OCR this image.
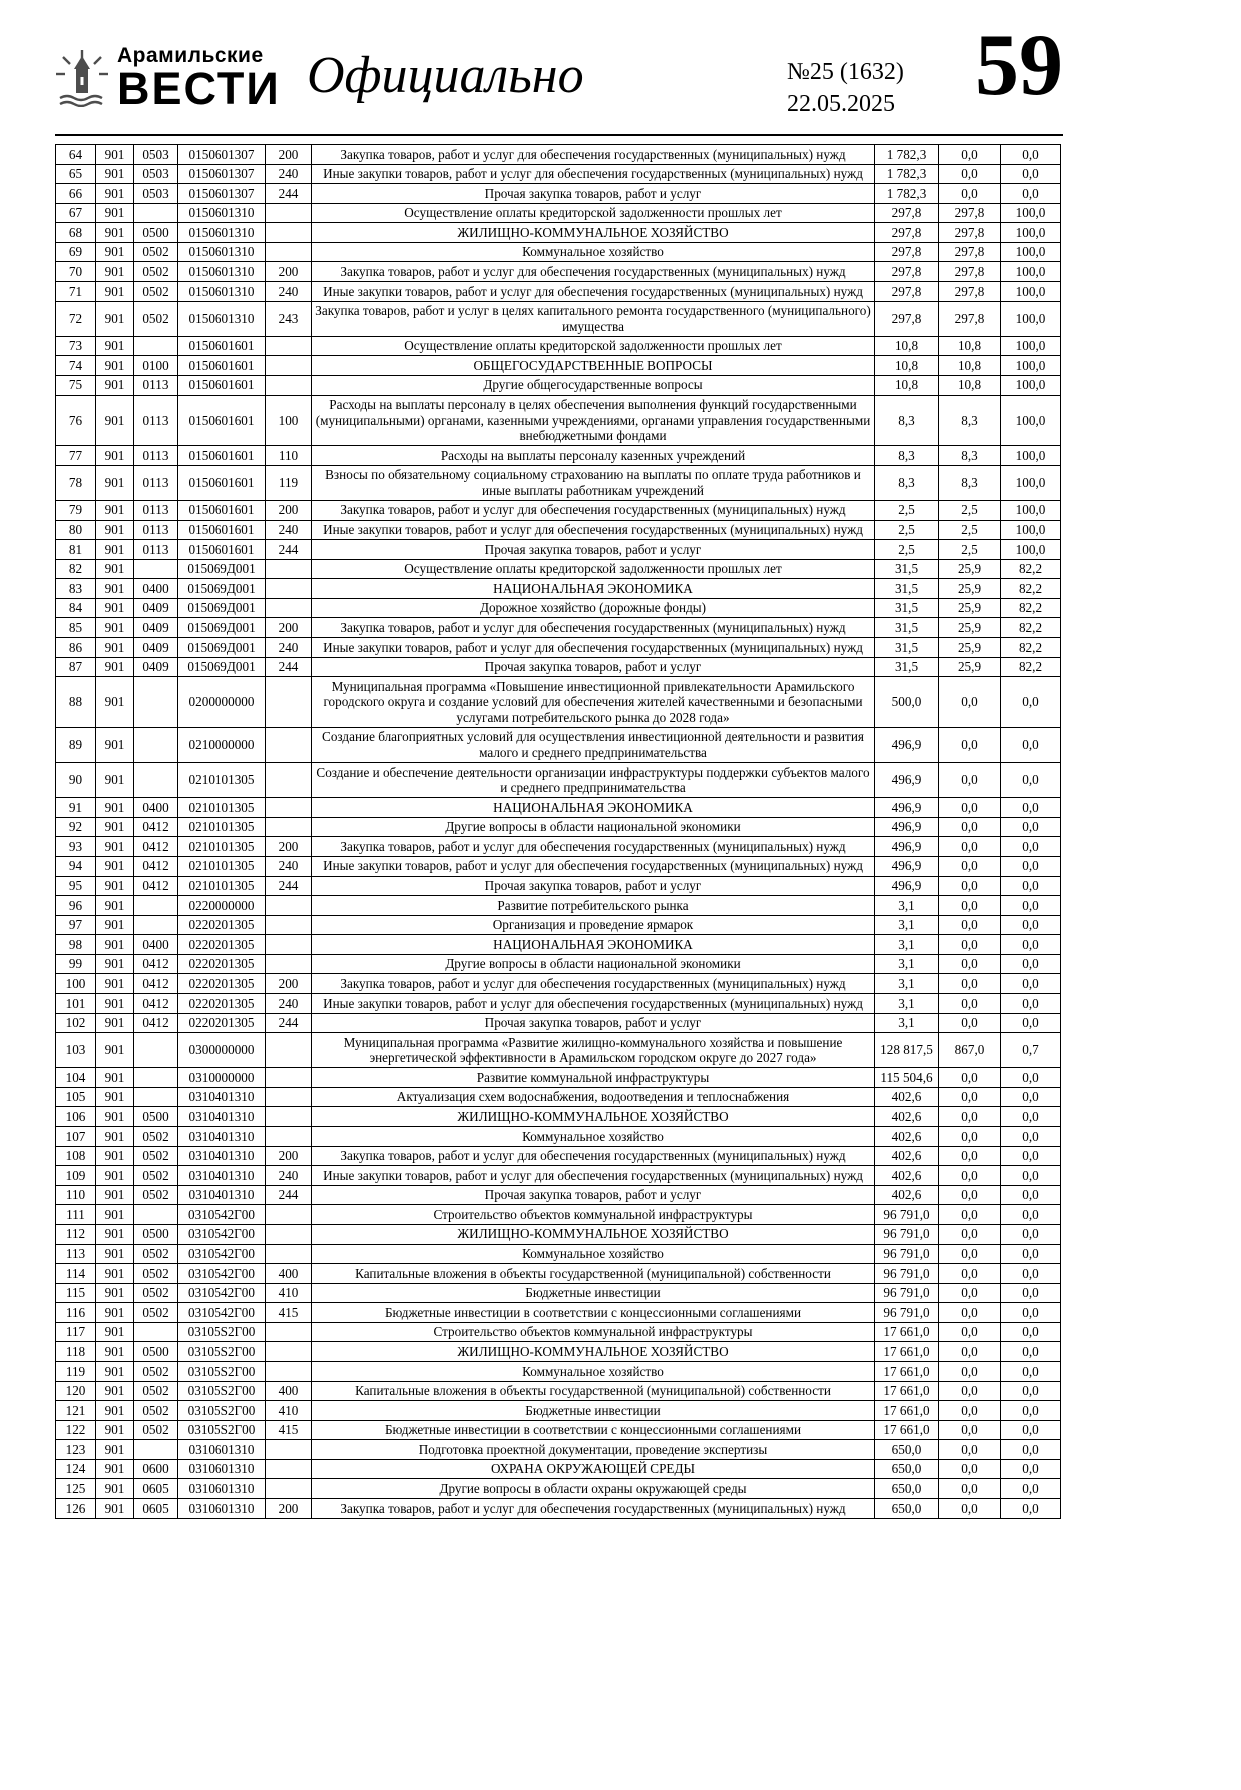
Арамильские
ВЕСТИ Официально	№25 (1632)
22.05.2025 59
64	901	0503	0150601307	200	Закупка товаров, работ и услуг для обеспечения государственных (муниципальных) нужд	1 782,3	0,0	0,0
65	901	0503	0150601307	240	Иные закупки товаров, работ и услуг для обеспечения государственных (муниципальных) нужд	1 782,3	0,0	0,0
66	901	0503	0150601307	244	Прочая закупка товаров, работ и услуг	1 782,3	0,0	0,0
67	901		0150601310		Осуществление оплаты кредиторской задолженности прошлых лет	297,8	297,8	100,0
68	901	0500	0150601310		ЖИЛИЩНО-КОММУНАЛЬНОЕ ХОЗЯЙСТВО	297,8	297,8	100,0
69	901	0502	0150601310		Коммунальное хозяйство	297,8	297,8	100,0
70	901	0502	0150601310	200	Закупка товаров, работ и услуг для обеспечения государственных (муниципальных) нужд	297,8	297,8	100,0
71	901	0502	0150601310	240	Иные закупки товаров, работ и услуг для обеспечения государственных (муниципальных) нужд	297,8	297,8	100,0
72	901	0502	0150601310	243	Закупка товаров, работ и услуг в целях капитального ремонта государственного (муниципального) имущества	297,8	297,8	100,0
73	901		0150601601		Осуществление оплаты кредиторской задолженности прошлых лет	10,8	10,8	100,0
74	901	0100	0150601601		ОБЩЕГОСУДАРСТВЕННЫЕ ВОПРОСЫ	10,8	10,8	100,0
75	901	0113	0150601601		Другие общегосударственные вопросы	10,8	10,8	100,0
76	901	0113	0150601601	100	Расходы на выплаты персоналу в целях обеспечения выполнения функций государственными (муниципальными) органами, казенными учреждениями, органами управления государственными внебюджетными фондами	8,3	8,3	100,0
77	901	0113	0150601601	110	Расходы на выплаты персоналу казенных учреждений	8,3	8,3	100,0
78	901	0113	0150601601	119	Взносы по обязательному социальному страхованию на выплаты по оплате труда работников и иные выплаты работникам учреждений	8,3	8,3	100,0
79	901	0113	0150601601	200	Закупка товаров, работ и услуг для обеспечения государственных (муниципальных) нужд	2,5	2,5	100,0
80	901	0113	0150601601	240	Иные закупки товаров, работ и услуг для обеспечения государственных (муниципальных) нужд	2,5	2,5	100,0
81	901	0113	0150601601	244	Прочая закупка товаров, работ и услуг	2,5	2,5	100,0
82	901		015069Д001		Осуществление оплаты кредиторской задолженности прошлых лет	31,5	25,9	82,2
83	901	0400	015069Д001		НАЦИОНАЛЬНАЯ ЭКОНОМИКА	31,5	25,9	82,2
84	901	0409	015069Д001		Дорожное хозяйство (дорожные фонды)	31,5	25,9	82,2
85	901	0409	015069Д001	200	Закупка товаров, работ и услуг для обеспечения государственных (муниципальных) нужд	31,5	25,9	82,2
86	901	0409	015069Д001	240	Иные закупки товаров, работ и услуг для обеспечения государственных (муниципальных) нужд	31,5	25,9	82,2
87	901	0409	015069Д001	244	Прочая закупка товаров, работ и услуг	31,5	25,9	82,2
88	901		0200000000		Муниципальная программа «Повышение инвестиционной привлекательности Арамильского городского округа и создание условий для обеспечения жителей качественными и безопасными услугами потребительского рынка до 2028 года»	500,0	0,0	0,0
89	901		0210000000		Создание благоприятных условий для осуществления инвестиционной деятельности и развития малого и среднего предпринимательства	496,9	0,0	0,0
90	901		0210101305		Создание и обеспечение деятельности организации инфраструктуры поддержки субъектов малого и среднего предпринимательства	496,9	0,0	0,0
91	901	0400	0210101305		НАЦИОНАЛЬНАЯ ЭКОНОМИКА	496,9	0,0	0,0
92	901	0412	0210101305		Другие вопросы в области национальной экономики	496,9	0,0	0,0
93	901	0412	0210101305	200	Закупка товаров, работ и услуг для обеспечения государственных (муниципальных) нужд	496,9	0,0	0,0
94	901	0412	0210101305	240	Иные закупки товаров, работ и услуг для обеспечения государственных (муниципальных) нужд	496,9	0,0	0,0
95	901	0412	0210101305	244	Прочая закупка товаров, работ и услуг	496,9	0,0	0,0
96	901		0220000000		Развитие потребительского рынка	3,1	0,0	0,0
97	901		0220201305		Организация и проведение ярмарок	3,1	0,0	0,0
98	901	0400	0220201305		НАЦИОНАЛЬНАЯ ЭКОНОМИКА	3,1	0,0	0,0
99	901	0412	0220201305		Другие вопросы в области национальной экономики	3,1	0,0	0,0
100	901	0412	0220201305	200	Закупка товаров, работ и услуг для обеспечения государственных (муниципальных) нужд	3,1	0,0	0,0
101	901	0412	0220201305	240	Иные закупки товаров, работ и услуг для обеспечения государственных (муниципальных) нужд	3,1	0,0	0,0
102	901	0412	0220201305	244	Прочая закупка товаров, работ и услуг	3,1	0,0	0,0
103	901		0300000000		Муниципальная программа «Развитие жилищно-коммунального хозяйства и повышение энергетической эффективности в Арамильском городском округе до 2027 года»	128 817,5	867,0	0,7
104	901		0310000000		Развитие коммунальной инфраструктуры	115 504,6	0,0	0,0
105	901		0310401310		Актуализация схем водоснабжения, водоотведения и теплоснабжения	402,6	0,0	0,0
106	901	0500	0310401310		ЖИЛИЩНО-КОММУНАЛЬНОЕ ХОЗЯЙСТВО	402,6	0,0	0,0
107	901	0502	0310401310		Коммунальное хозяйство	402,6	0,0	0,0
108	901	0502	0310401310	200	Закупка товаров, работ и услуг для обеспечения государственных (муниципальных) нужд	402,6	0,0	0,0
109	901	0502	0310401310	240	Иные закупки товаров, работ и услуг для обеспечения государственных (муниципальных) нужд	402,6	0,0	0,0
110	901	0502	0310401310	244	Прочая закупка товаров, работ и услуг	402,6	0,0	0,0
111	901		0310542Г00		Строительство объектов коммунальной инфраструктуры	96 791,0	0,0	0,0
112	901	0500	0310542Г00		ЖИЛИЩНО-КОММУНАЛЬНОЕ ХОЗЯЙСТВО	96 791,0	0,0	0,0
113	901	0502	0310542Г00		Коммунальное хозяйство	96 791,0	0,0	0,0
114	901	0502	0310542Г00	400	Капитальные вложения в объекты государственной (муниципальной) собственности	96 791,0	0,0	0,0
115	901	0502	0310542Г00	410	Бюджетные инвестиции	96 791,0	0,0	0,0
116	901	0502	0310542Г00	415	Бюджетные инвестиции в соответствии с концессионными соглашениями	96 791,0	0,0	0,0
117	901		03105S2Г00		Строительство объектов коммунальной инфраструктуры	17 661,0	0,0	0,0
118	901	0500	03105S2Г00		ЖИЛИЩНО-КОММУНАЛЬНОЕ ХОЗЯЙСТВО	17 661,0	0,0	0,0
119	901	0502	03105S2Г00		Коммунальное хозяйство	17 661,0	0,0	0,0
120	901	0502	03105S2Г00	400	Капитальные вложения в объекты государственной (муниципальной) собственности	17 661,0	0,0	0,0
121	901	0502	03105S2Г00	410	Бюджетные инвестиции	17 661,0	0,0	0,0
122	901	0502	03105S2Г00	415	Бюджетные инвестиции в соответствии с концессионными соглашениями	17 661,0	0,0	0,0
123	901		0310601310		Подготовка проектной документации, проведение экспертизы	650,0	0,0	0,0
124	901	0600	0310601310		ОХРАНА ОКРУЖАЮЩЕЙ СРЕДЫ	650,0	0,0	0,0
125	901	0605	0310601310		Другие вопросы в области охраны окружающей среды	650,0	0,0	0,0
126	901	0605	0310601310	200	Закупка товаров, работ и услуг для обеспечения государственных (муниципальных) нужд	650,0	0,0	0,0
